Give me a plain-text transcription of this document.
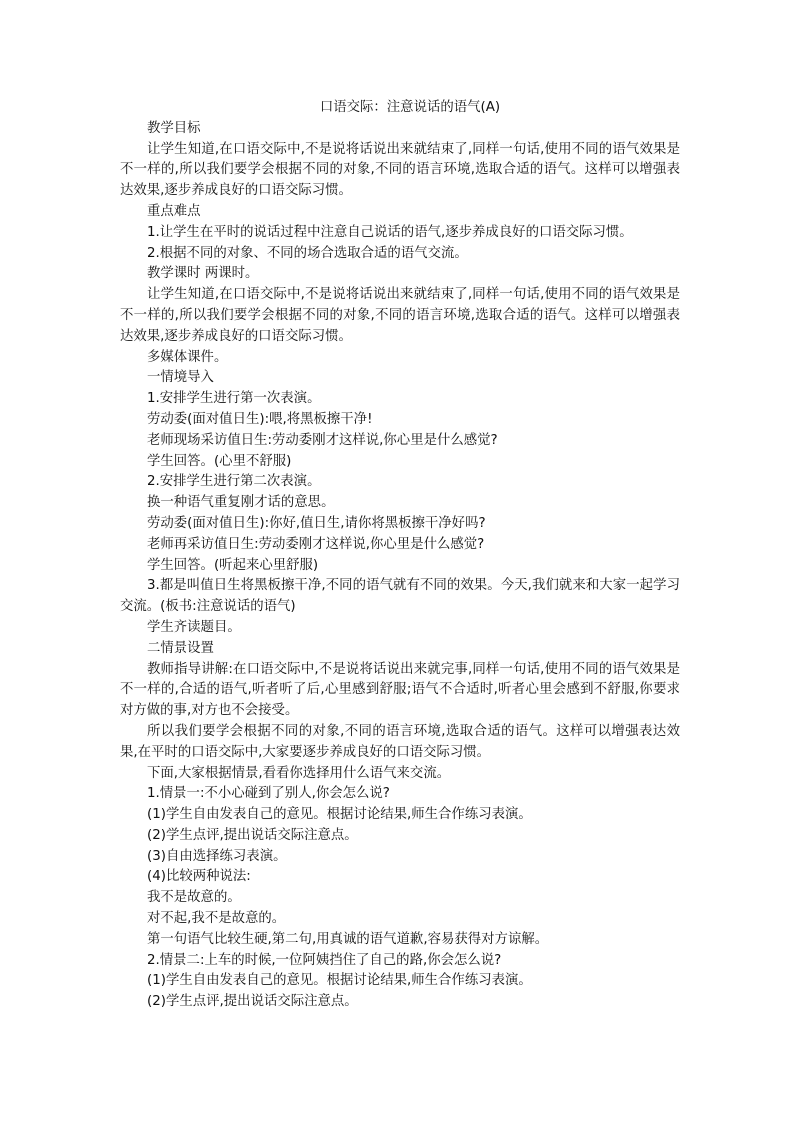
口语交际：注意说话的语气(A)

教学目标

让学生知道,在口语交际中,不是说将话说出来就结束了,同样一句话,使用不同的语气效果是不一样的,所以我们要学会根据不同的对象,不同的语言环境,选取合适的语气。这样可以增强表达效果,逐步养成良好的口语交际习惯。

重点难点

1.让学生在平时的说话过程中注意自己说话的语气,逐步养成良好的口语交际习惯。

2.根据不同的对象、不同的场合选取合适的语气交流。

教学课时 两课时。

让学生知道,在口语交际中,不是说将话说出来就结束了,同样一句话,使用不同的语气效果是不一样的,所以我们要学会根据不同的对象,不同的语言环境,选取合适的语气。这样可以增强表达效果,逐步养成良好的口语交际习惯。

多媒体课件。

一情境导入

1.安排学生进行第一次表演。

劳动委(面对值日生):喂,将黑板擦干净!

老师现场采访值日生:劳动委刚才这样说,你心里是什么感觉?

学生回答。(心里不舒服)

2.安排学生进行第二次表演。

换一种语气重复刚才话的意思。

劳动委(面对值日生):你好,值日生,请你将黑板擦干净好吗?

老师再采访值日生:劳动委刚才这样说,你心里是什么感觉?

学生回答。(听起来心里舒服)

3.都是叫值日生将黑板擦干净,不同的语气就有不同的效果。今天,我们就来和大家一起学习交流。(板书:注意说话的语气)

学生齐读题目。

二情景设置

教师指导讲解:在口语交际中,不是说将话说出来就完事,同样一句话,使用不同的语气效果是不一样的,合适的语气,听者听了后,心里感到舒服;语气不合适时,听者心里会感到不舒服,你要求对方做的事,对方也不会接受。

所以我们要学会根据不同的对象,不同的语言环境,选取合适的语气。这样可以增强表达效果,在平时的口语交际中,大家要逐步养成良好的口语交际习惯。

下面,大家根据情景,看看你选择用什么语气来交流。

1.情景一:不小心碰到了别人,你会怎么说?

(1)学生自由发表自己的意见。根据讨论结果,师生合作练习表演。

(2)学生点评,提出说话交际注意点。

(3)自由选择练习表演。

(4)比较两种说法:

我不是故意的。

对不起,我不是故意的。

第一句语气比较生硬,第二句,用真诚的语气道歉,容易获得对方谅解。

2.情景二:上车的时候,一位阿姨挡住了自己的路,你会怎么说?

(1)学生自由发表自己的意见。根据讨论结果,师生合作练习表演。

(2)学生点评,提出说话交际注意点。
